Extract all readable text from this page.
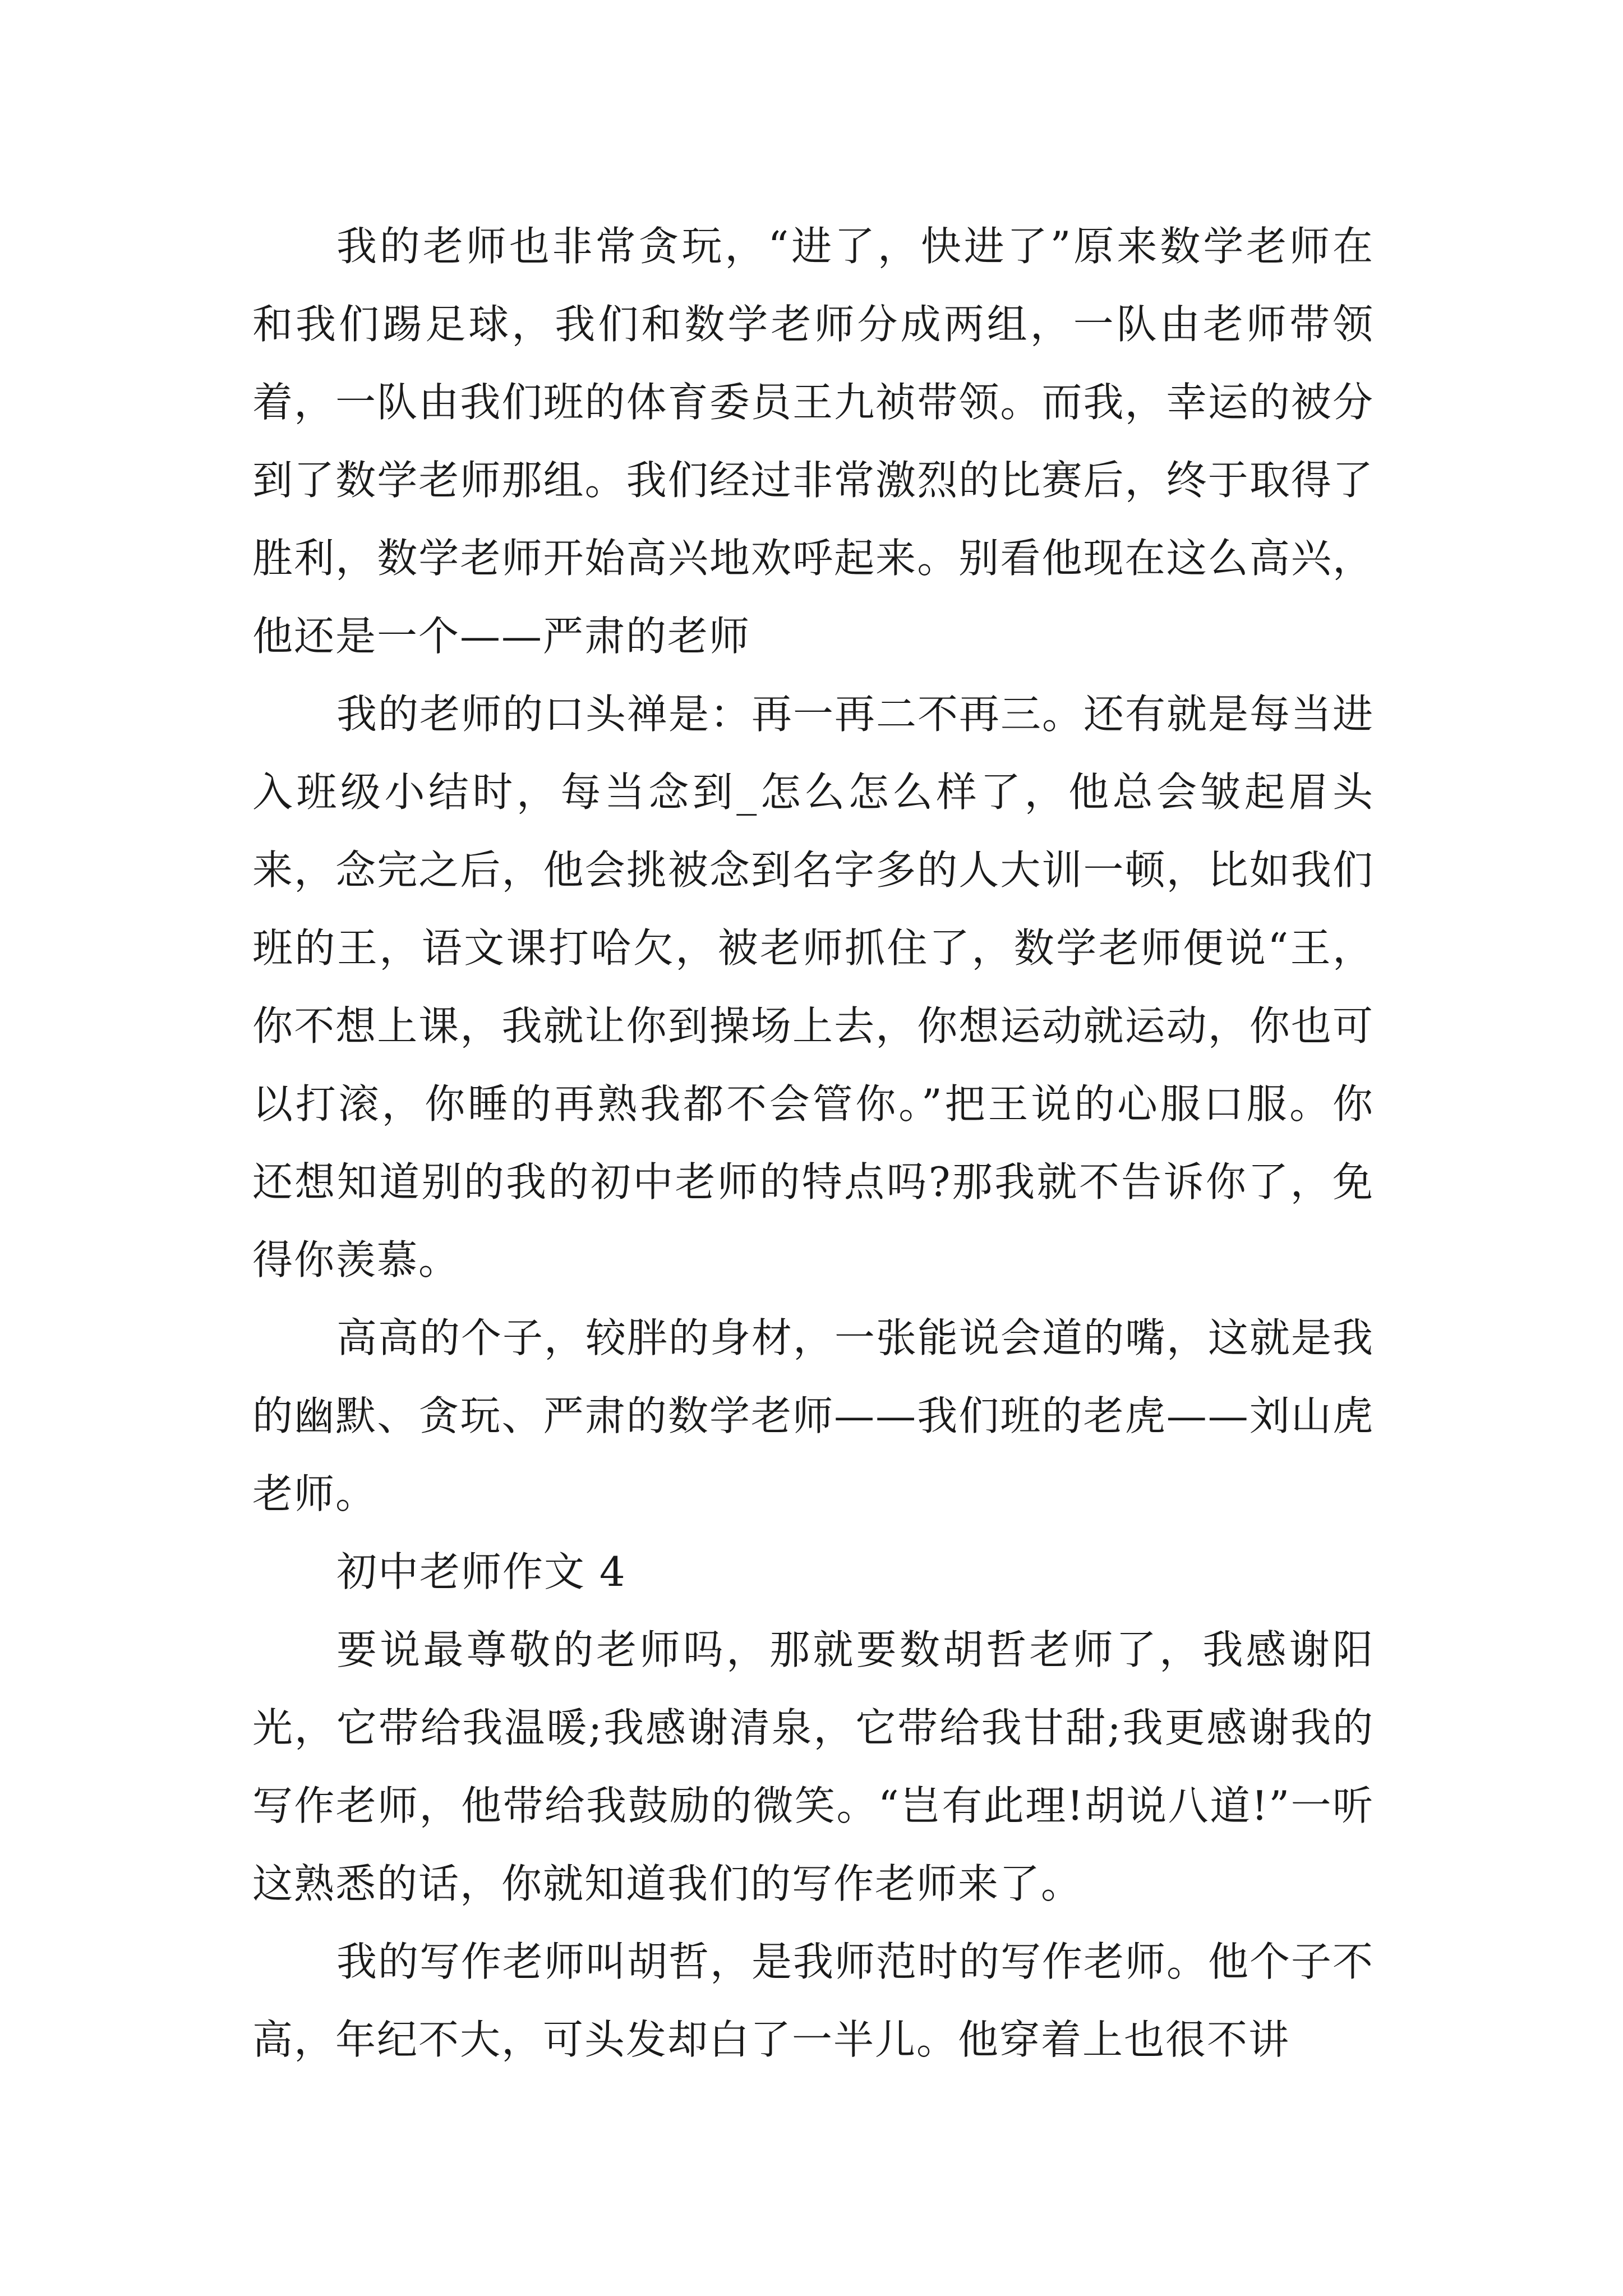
我的老师也非常贪玩，“进了，快进了”原来数学老师在和我们踢足球，我们和数学老师分成两组，一队由老师带领着，一队由我们班的体育委员王九祯带领。而我，幸运的被分到了数学老师那组。我们经过非常激烈的比赛后，终于取得了胜利，数学老师开始高兴地欢呼起来。别看他现在这么高兴，他还是一个——严肃的老师

我的老师的口头禅是：再一再二不再三。还有就是每当进入班级小结时，每当念到_怎么怎么样了，他总会皱起眉头来，念完之后，他会挑被念到名字多的人大训一顿，比如我们班的王，语文课打哈欠，被老师抓住了，数学老师便说“王，你不想上课，我就让你到操场上去，你想运动就运动，你也可以打滚，你睡的再熟我都不会管你。”把王说的心服口服。你还想知道别的我的初中老师的特点吗?那我就不告诉你了，免得你羡慕。

高高的个子，较胖的身材，一张能说会道的嘴，这就是我的幽默、贪玩、严肃的数学老师——我们班的老虎——刘山虎老师。

初中老师作文 4

要说最尊敬的老师吗，那就要数胡哲老师了，我感谢阳光，它带给我温暖;我感谢清泉，它带给我甘甜;我更感谢我的写作老师，他带给我鼓励的微笑。“岂有此理!胡说八道!”一听这熟悉的话，你就知道我们的写作老师来了。

我的写作老师叫胡哲，是我师范时的写作老师。他个子不高，年纪不大，可头发却白了一半儿。他穿着上也很不讲
